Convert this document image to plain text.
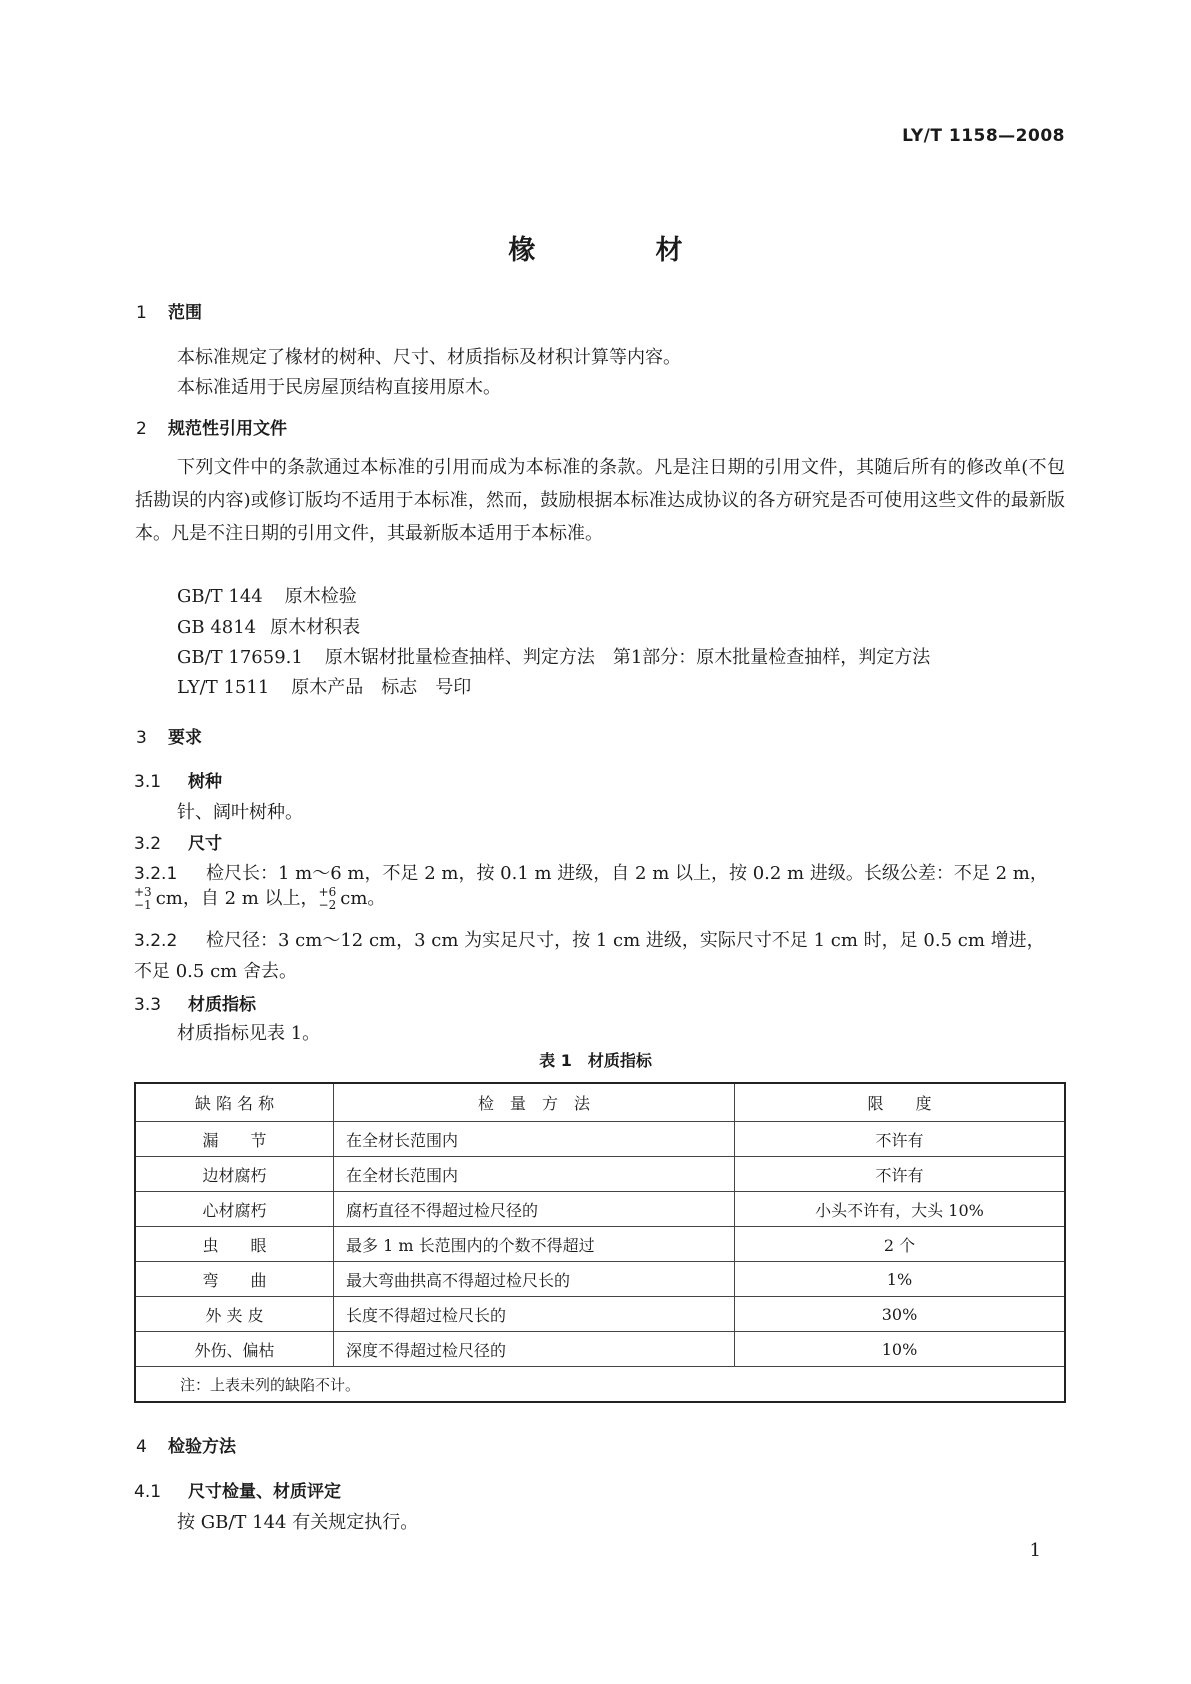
LY/T 1158—2008
椽	材
1 范围
本标准规定了椽材的树种、尺寸、材质指标及材积计算等内容。
本标准适用于民房屋顶结构直接用原木。
2 规范性引用文件
下列文件中的条款通过本标准的引用而成为本标准的条款。凡是注日期的引用文件，其随后所有的修改单(不包括勘误的内容)或修订版均不适用于本标准，然而，鼓励根据本标准达成协议的各方研究是否可使用这些文件的最新版本。凡是不注日期的引用文件，其最新版本适用于本标准。
GB/T 144 原木检验
GB 4814 原木材积表
GB/T 17659.1 原木锯材批量检查抽样、判定方法　第1部分：原木批量检查抽样，判定方法
LY/T 1511 原木产品　标志　号印
3 要求
3.1 树种
针、阔叶树种。
3.2 尺寸
3.2.1 检尺长：1 m～6 m，不足 2 m，按 0.1 m 进级，自 2 m 以上，按 0.2 m 进级。长级公差：不足 2 m，
+3
−1 cm，自 2 m 以上， +6
−2 cm。
3.2.2 检尺径：3 cm～12 cm，3 cm 为实足尺寸，按 1 cm 进级，实际尺寸不足 1 cm 时，足 0.5 cm 增进，
不足 0.5 cm 舍去。
3.3 材质指标
材质指标见表 1。
表 1　材质指标
缺 陷 名 称	检　量　方　法	限　　度
漏　　节	在全材长范围内	不许有
边材腐朽	在全材长范围内	不许有
心材腐朽	腐朽直径不得超过检尺径的	小头不许有，大头 10%
虫　　眼	最多 1 m 长范围内的个数不得超过	2 个
弯　　曲	最大弯曲拱高不得超过检尺长的	1%
外 夹 皮	长度不得超过检尺长的	30%
外伤、偏枯	深度不得超过检尺径的	10%
注：上表未列的缺陷不计。		
4 检验方法
4.1 尺寸检量、材质评定
按 GB/T 144 有关规定执行。
1
